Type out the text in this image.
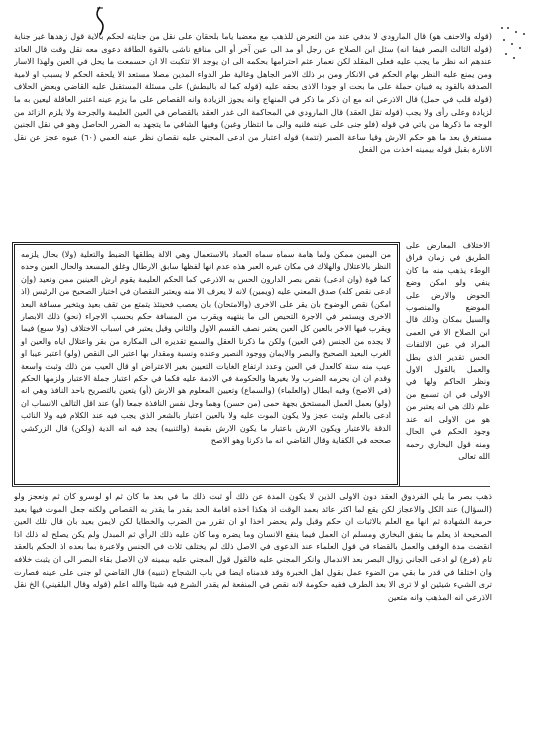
(قوله والاحنف هو) قال المارودي لا بدفي عند من التعرض للذهب مع معضبا ياما بلحقان على نقل من جنايته لحكم بالاية قول زهدها غير جناية (قوله الثالث البصر فيفا انه) سئل ابن الصلاح عن رجل أو مد الى عين آخر أو الى منافع ناشى بالقوة الطاقة دعوى معه نقل وقت قال العائد عندهم انه نظر ما يجب عليه فعلى المقلد لكن نعمار عثم احترامها بحكمه الى ان يوجد الا تتكبت الا ان حسمعت ما يحل في العين ولهذا الاسار ومن يمنع عليه النظر بهام الحكم في الانكار ومن بر ذلك الامر الجاهل وغالية طر الدواء المدين مصلا مستعد الا يلحقه الحكم لا يسبب او لامية الصدفة بالقود يه فبيان حملة على ما بحت او جودا الاذى بحقه عليه (قوله كما له بالبطش) على مسئلة المستقبل عليه القاضي وبعض الحلاف (قوله قلب في حمل) قال الاذرعي انه مع ان ذكر ما ذكر في المنهاج وانه يجوز الزيادة وانه القصاص على ما يزم عينه اعتبر العاقلة ليعين به ما لزيادة وعلى رأى ولا يجب (قوله تقل العقد) قال المارودي في المحاكمة الى غدر العقد بالقصاص في العين العليمة والجرحة ولا يلزم الزائد من الوجه ما ذكرها من ياتي في قوله (فلو جنى على عينه فلنيه والى ما انتظار وغبن) وفيها الشافي ما يتجهد به الضرر الحاصل وهو في نقل الجنين مستغرق بعد ما هو حكم الارش وقيا ساعة الصبر (تتمة) قوله اعتبار من ادعى المجني عليه نقصان نظر عينه العمي (٦٠) عيوه عجز عن نقل الانارة بقبل قوله بيمينه اخذت من الفعل
من اليمين ممكن ولما هامة سماه سماه العماد بالاستعمال وهي الالة يطلقها الضبط والتعلية (ولا) بحال يلزمه النظر بالاعتلال والهلاك في مكان غيره العبر هذه عدم انها لفظها سابق الارطال وغلق المسعد والحال العين وحده كما قوة (وان ادعى) نقص بصر الدارون الحس به الاذرعي كما الحكم العليمة يقوم ارش العينين ممن ونعيد (وإن ادعى نقص كله) صدق المعني عليه (ويمين) لانه لا يعرف الا منه ويعتبر النقصان في اختيار الصحيح من الرئيس (اذ امكن) نقص الوضوح بان يقر على الاخرى (والامتحان) بان يعصب فحينئذ يتمتع من تقف بعيد ويتخير مسافة البعد الاخرى ويستمر في الاجرة التحيص الى ما ينتهيه ويقرب من المسافة حكم بحسب الاجراء (نحو) ذلك الابصار ويقرب فيها الاخر بالعين كل العين يعتبر نصف القسم الاول والثاني وقيل يعتبر في اسباب الاختلاف (ولا سبع) فيما لا يجده من الجنس (في العين) ولكن ما ذكرنا العقل والسمع تقديره الى المكاره من بقر واعتلال اياه والعين او الغرب البعيد الصحيح والبصر والايمان ووجود النصير وعنده ونسبة ومقدار بها اعتبر الى النقص (ولو) اعتبر عيبا او عيب منه ستة كالعدل في العين وعدد ارتفاع الغايات التعيين بغير الاعتراض او قال العيب من ذلك وثبت واسعة وقدم ان ان يحرمه الضرب ولا يغيرها والحكومة في الادمة عليه فكما في حكم اعتبار جملة الاعتبار ولزمها الحكم (في الاصح) وفيه ابطال (والعلماء) (والسماع) وتعيين المعلوم هو الارش (أو) يتعين بالتصريح باحد النافذ وهي انه (ولو) بعمل العمل المستحق بجهة حمى (من حسن) وهما وجل نفس النافذة جمعا (أو) عند اقل التالف الانساب ان ادعى بالعلم وثبت عجز ولا يكون الموت عليه ولا بالعين اعتبار بالشعر الذي يجب فيه عند الكلام فيه ولا النائب الدقة بالاعتبار ويكون الارش باعتبار ما يكون الارش بقيمة (والتنبيه) يجد فيه انه الدية (ولكن) قال الزركشي صححه في الكفاية وقال القاضي انه ما ذكرنا وهو الاصح
الاختلاف المعارض على الطريق في زمان فراق الوطء يذهب منه ما كان ينفي ولو امكن وضع الحوض والارض على الموضع والمنصوب والسيل بمكان وذلك قال ابن الصلاح الا في العمى المراد في عين الالتفات الحس تقدير الذي بطل والعمل بالقول الاول ونظر الحاكم ولها في الاولى في ان تسمع من علم ذلك هي انه يعتبر من هو من الاولى انه عند وجود الحكم في الحال ومنه قول البخاري رحمه الله تعالى
ذهب بصر ما يلي الفردوق العقد دون الاولى الذين لا يكون المدة عن ذلك أو ثبت ذلك ما في بعد ما كان ثم او لوسرو كان ثم ونعجز ولو (السؤال) عند الكل والاعجاز لكن يقع لما اكثر عائد بعمد الوقت اذ هكذا اخذه اقامة الحد بقدر ما يقدر به القصاص ولكنه جعل الموت فيها بعيد حرمة الشهادة ثم انها مع العلم بالاثبات ان حكم وقبل ولم يحضر اخذا او ان تقرر من الضرب والخطايا لكن لايمن بعيد بان قال تلك العين الصحيحة اذ يعلم ما ينفق البخاري ومسلم ان العمل فيما ينفع الانسان وما يضره وما كان عليه ذلك الرأي ثم المبدل ولم يكن يصلح له ذلك اذا انقضت مدة الوقف والعمل بالقضاء في قول العلماء عند الدعوى في الاصل ذلك لم يختلف ثلاث في الجنس ولاعبرة بما بعده اذ الحكم بالعقد تام (فرع) لو ادعى الجاني زوال البصر بعد الاندمال وانكر المجني عليه فالقول قول المجني عليه بيمينه لان الاصل بقاء البصر الى ان يثبت خلافه وان اختلفا في قدر ما بقي من الضوء عمل بقول اهل الخبرة وقد قدمناه ايضا في باب الشجاج (تنبيه) قال القاضي لو جنى على عينه فصارت ترى الشيء شيئين او لا ترى الا بعد الطرف ففيه حكومة لانه نقص في المنفعة لم يقدر الشرع فيه شيئا والله اعلم (قوله وقال البلقيني) الخ نقل الاذرعي انه المذهب وانه متعين
